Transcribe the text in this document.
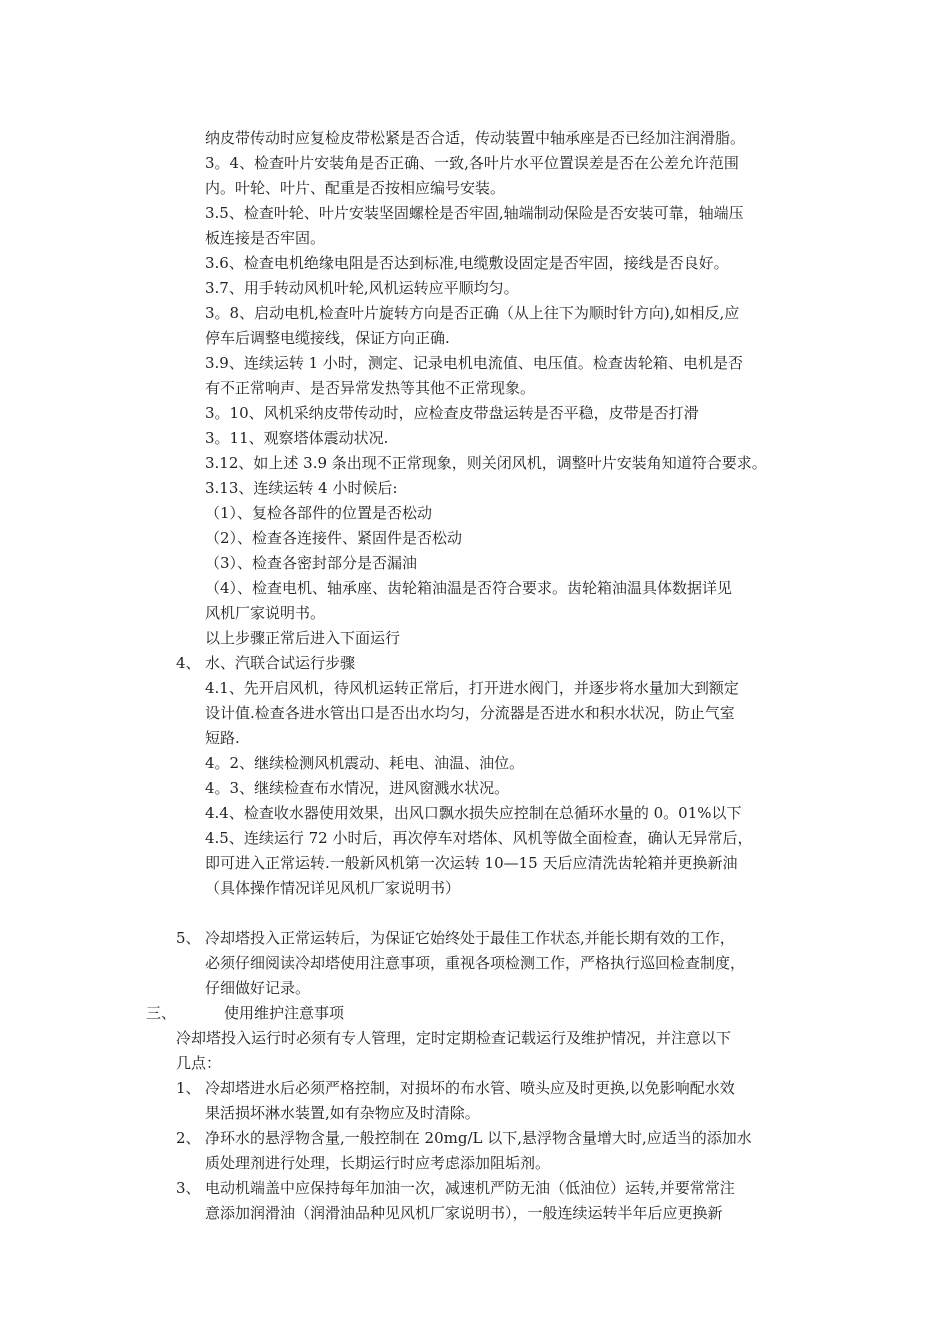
纳皮带传动时应复检皮带松紧是否合适，传动装置中轴承座是否已经加注润滑脂。
3。4、检查叶片安装角是否正确、一致,各叶片水平位置误差是否在公差允许范围
内。叶轮、叶片、配重是否按相应编号安装。
3.5、检查叶轮、叶片安装坚固螺栓是否牢固,轴端制动保险是否安装可靠，轴端压
板连接是否牢固。
3.6、检查电机绝缘电阻是否达到标准,电缆敷设固定是否牢固，接线是否良好。
3.7、用手转动风机叶轮,风机运转应平顺均匀。
3。8、启动电机,检查叶片旋转方向是否正确（从上往下为顺时针方向),如相反,应
停车后调整电缆接线，保证方向正确.
3.9、连续运转 1 小时，测定、记录电机电流值、电压值。检查齿轮箱、电机是否
有不正常响声、是否异常发热等其他不正常现象。
3。10、风机采纳皮带传动时，应检查皮带盘运转是否平稳，皮带是否打滑
3。11、观察塔体震动状况.
3.12、如上述 3.9 条出现不正常现象，则关闭风机，调整叶片安装角知道符合要求。
3.13、连续运转 4 小时候后:
（1）、复检各部件的位置是否松动
（2）、检查各连接件、紧固件是否松动
（3）、检查各密封部分是否漏油
（4）、检查电机、轴承座、齿轮箱油温是否符合要求。齿轮箱油温具体数据详见
风机厂家说明书。
以上步骤正常后进入下面运行
4、 水、汽联合试运行步骤
4.1、先开启风机，待风机运转正常后，打开进水阀门，并逐步将水量加大到额定
设计值.检查各进水管出口是否出水均匀，分流器是否进水和积水状况，防止气室
短路.
4。2、继续检测风机震动、耗电、油温、油位。
4。3、继续检查布水情况，进风窗溅水状况。
4.4、检查收水器使用效果，出风口飘水损失应控制在总循环水量的 0。01%以下
4.5、连续运行 72 小时后，再次停车对塔体、风机等做全面检查，确认无异常后，
即可进入正常运转.一般新风机第一次运转 10—15 天后应清洗齿轮箱并更换新油
（具体操作情况详见风机厂家说明书）
5、 冷却塔投入正常运转后，为保证它始终处于最佳工作状态,并能长期有效的工作，
必须仔细阅读冷却塔使用注意事项，重视各项检测工作，严格执行巡回检查制度，
仔细做好记录。
三、	使用维护注意事项
冷却塔投入运行时必须有专人管理，定时定期检查记载运行及维护情况，并注意以下
几点：
1、 冷却塔进水后必须严格控制，对损坏的布水管、喷头应及时更换,以免影响配水效
果活损坏淋水装置,如有杂物应及时清除。
2、 净环水的悬浮物含量,一般控制在 20mg/L 以下,悬浮物含量增大时,应适当的添加水
质处理剂进行处理，长期运行时应考虑添加阻垢剂。
3、 电动机端盖中应保持每年加油一次，减速机严防无油（低油位）运转,并要常常注
意添加润滑油（润滑油品种见风机厂家说明书），一般连续运转半年后应更换新
